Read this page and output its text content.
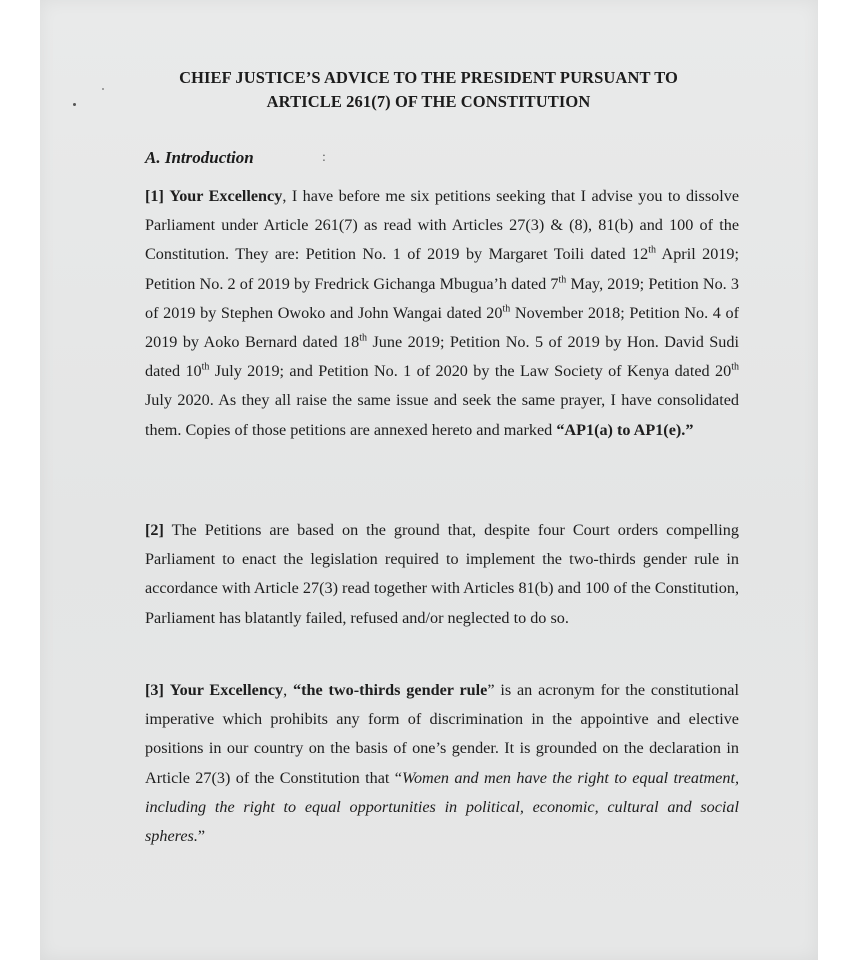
CHIEF JUSTICE’S ADVICE TO THE PRESIDENT PURSUANT TO
ARTICLE 261(7) OF THE CONSTITUTION
A. Introduction	:
[1] Your Excellency, I have before me six petitions seeking that I advise you to dissolve Parliament under Article 261(7) as read with Articles 27(3) & (8), 81(b) and 100 of the Constitution. They are: Petition No. 1 of 2019 by Margaret Toili dated 12th April 2019; Petition No. 2 of 2019 by Fredrick Gichanga Mbugua’h dated 7th May, 2019; Petition No. 3 of 2019 by Stephen Owoko and John Wangai dated 20th November 2018; Petition No. 4 of 2019 by Aoko Bernard dated 18th June 2019; Petition No. 5 of 2019 by Hon. David Sudi dated 10th July 2019; and Petition No. 1 of 2020 by the Law Society of Kenya dated 20th July 2020. As they all raise the same issue and seek the same prayer, I have consolidated them. Copies of those petitions are annexed hereto and marked “AP1(a) to AP1(e).”
[2] The Petitions are based on the ground that, despite four Court orders compelling Parliament to enact the legislation required to implement the two-thirds gender rule in accordance with Article 27(3) read together with Articles 81(b) and 100 of the Constitution, Parliament has blatantly failed, refused and/or neglected to do so.
[3] Your Excellency, “the two-thirds gender rule” is an acronym for the constitutional imperative which prohibits any form of discrimination in the appointive and elective positions in our country on the basis of one’s gender. It is grounded on the declaration in Article 27(3) of the Constitution that “Women and men have the right to equal treatment, including the right to equal opportunities in political, economic, cultural and social spheres.”
